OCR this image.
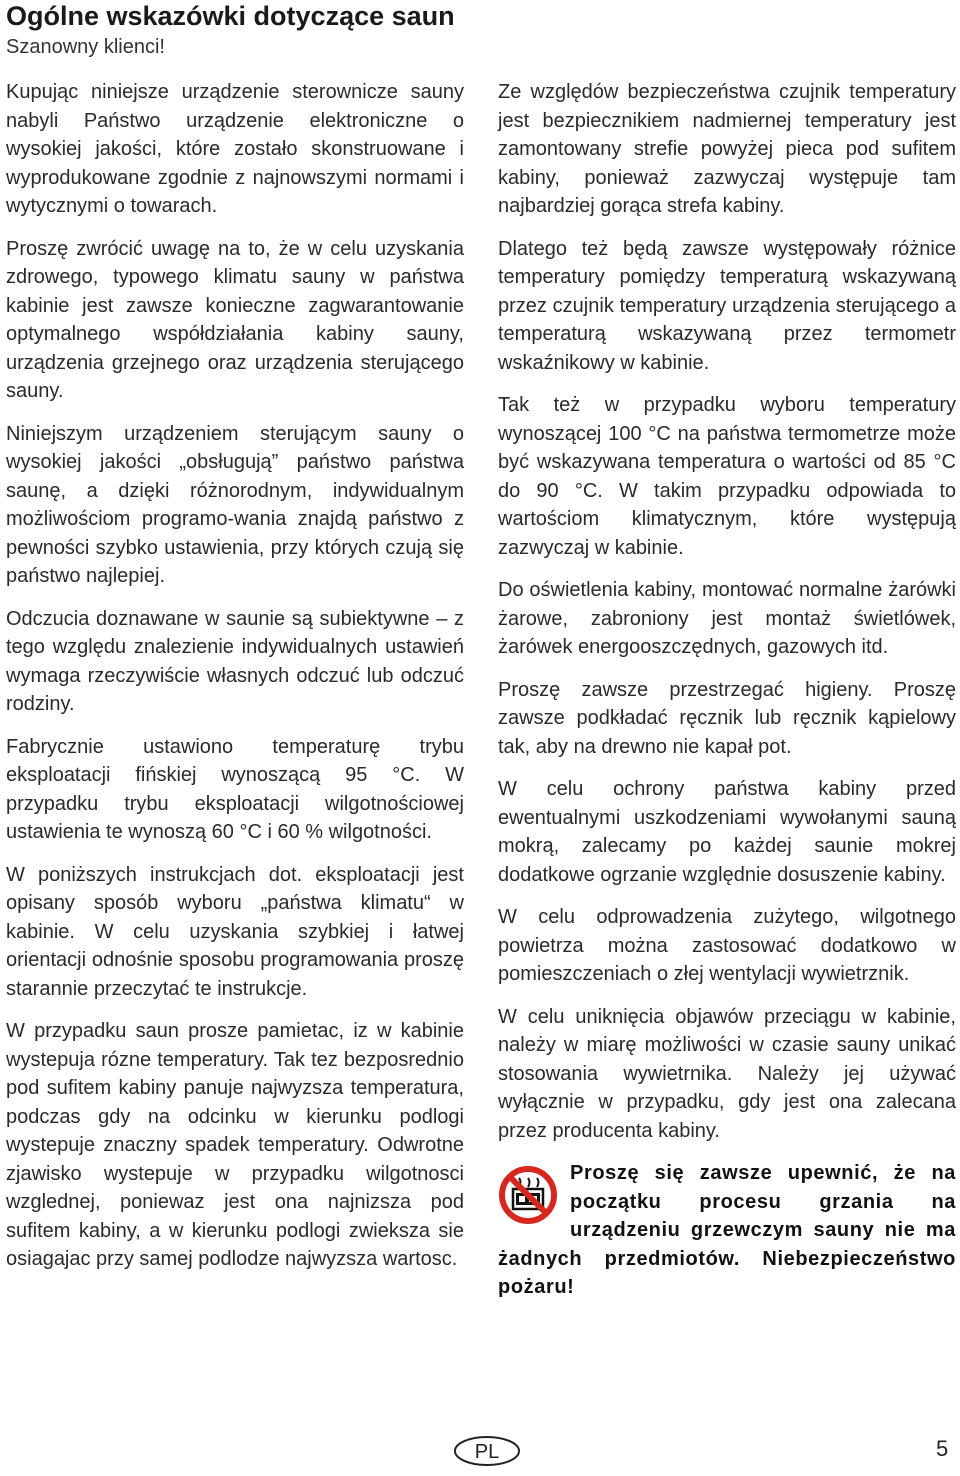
Ogólne wskazówki dotyczące saun
Szanowny klienci!

Kupując niniejsze urządzenie sterownicze sauny nabyli Państwo urządzenie elektroniczne o wysokiej jakości, które zostało skonstruowane i wyprodukowane zgodnie z najnowszymi normami i wytycznymi o towarach.

Proszę zwrócić uwagę na to, że w celu uzyskania zdrowego, typowego klimatu sauny w państwa kabinie jest zawsze konieczne zagwarantowanie optymalnego współdziałania kabiny sauny, urządzenia grzejnego oraz urządzenia sterującego sauny.

Niniejszym urządzeniem sterującym sauny o wysokiej jakości „obsługują” państwo państwa saunę, a dzięki różnorodnym, indywidualnym możliwościom programo-wania znajdą państwo z pewności szybko ustawienia, przy których czują się państwo najlepiej.

Odczucia doznawane w saunie są subiektywne – z tego względu znalezienie indywidualnych ustawień wymaga rzeczywiście własnych odczuć lub odczuć rodziny.

Fabrycznie ustawiono temperaturę trybu eksploatacji fińskiej wynoszącą 95 °C. W przypadku trybu eksploatacji wilgotnościowej ustawienia te wynoszą 60 °C i 60 % wilgotności.

W poniższych instrukcjach dot. eksploatacji jest opisany sposób wyboru „państwa klimatu“ w kabinie. W celu uzyskania szybkiej i łatwej orientacji odnośnie sposobu programowania proszę starannie przeczytać te instrukcje.

W przypadku saun prosze pamietac, iz w kabinie wystepuja rózne temperatury. Tak tez bezposrednio pod sufitem kabiny panuje najwyzsza temperatura, podczas gdy na odcinku w kierunku podlogi wystepuje znaczny spadek temperatury. Odwrotne zjawisko wystepuje w przypadku wilgotnosci wzglednej, poniewaz jest ona najnizsza pod sufitem kabiny, a w kierunku podlogi zwieksza sie osiagajac przy samej podlodze najwyzsza wartosc.

Ze względów bezpieczeństwa czujnik temperatury jest bezpiecznikiem nadmiernej temperatury jest zamontowany strefie powyżej pieca pod sufitem kabiny, ponieważ zazwyczaj występuje tam najbardziej gorąca strefa kabiny.

Dlatego też będą zawsze występowały różnice temperatury pomiędzy temperaturą wskazywaną przez czujnik temperatury urządzenia sterującego a temperaturą wskazywaną przez termometr wskaźnikowy w kabinie.

Tak też w przypadku wyboru temperatury wynoszącej 100 °C na państwa termometrze może być wskazywana temperatura o wartości od 85 °C do 90 °C. W takim przypadku odpowiada to wartościom klimatycznym, które występują zazwyczaj w kabinie.

Do oświetlenia kabiny, montować normalne żarówki żarowe, zabroniony jest montaż świetlówek, żarówek energooszczędnych, gazowych itd.

Proszę zawsze przestrzegać higieny. Proszę zawsze podkładać ręcznik lub ręcznik kąpielowy tak, aby na drewno nie kapał pot.

W celu ochrony państwa kabiny przed ewentualnymi uszkodzeniami wywołanymi sauną mokrą, zalecamy po każdej saunie mokrej dodatkowe ogrzanie względnie dosuszenie kabiny.

W celu odprowadzenia zużytego, wilgotnego powietrza można zastosować dodatkowo w pomieszczeniach o złej wentylacji wywietrznik.

W celu uniknięcia objawów przeciągu w kabinie, należy w miarę możliwości w czasie sauny unikać stosowania wywietrnika. Należy jej używać wyłącznie w przypadku, gdy jest ona zalecana przez producenta kabiny.

Proszę się zawsze upewnić, że na początku procesu grzania na urządzeniu grzewczym sauny nie ma żadnych przedmiotów. Niebezpieczeństwo pożaru!
PL	5
